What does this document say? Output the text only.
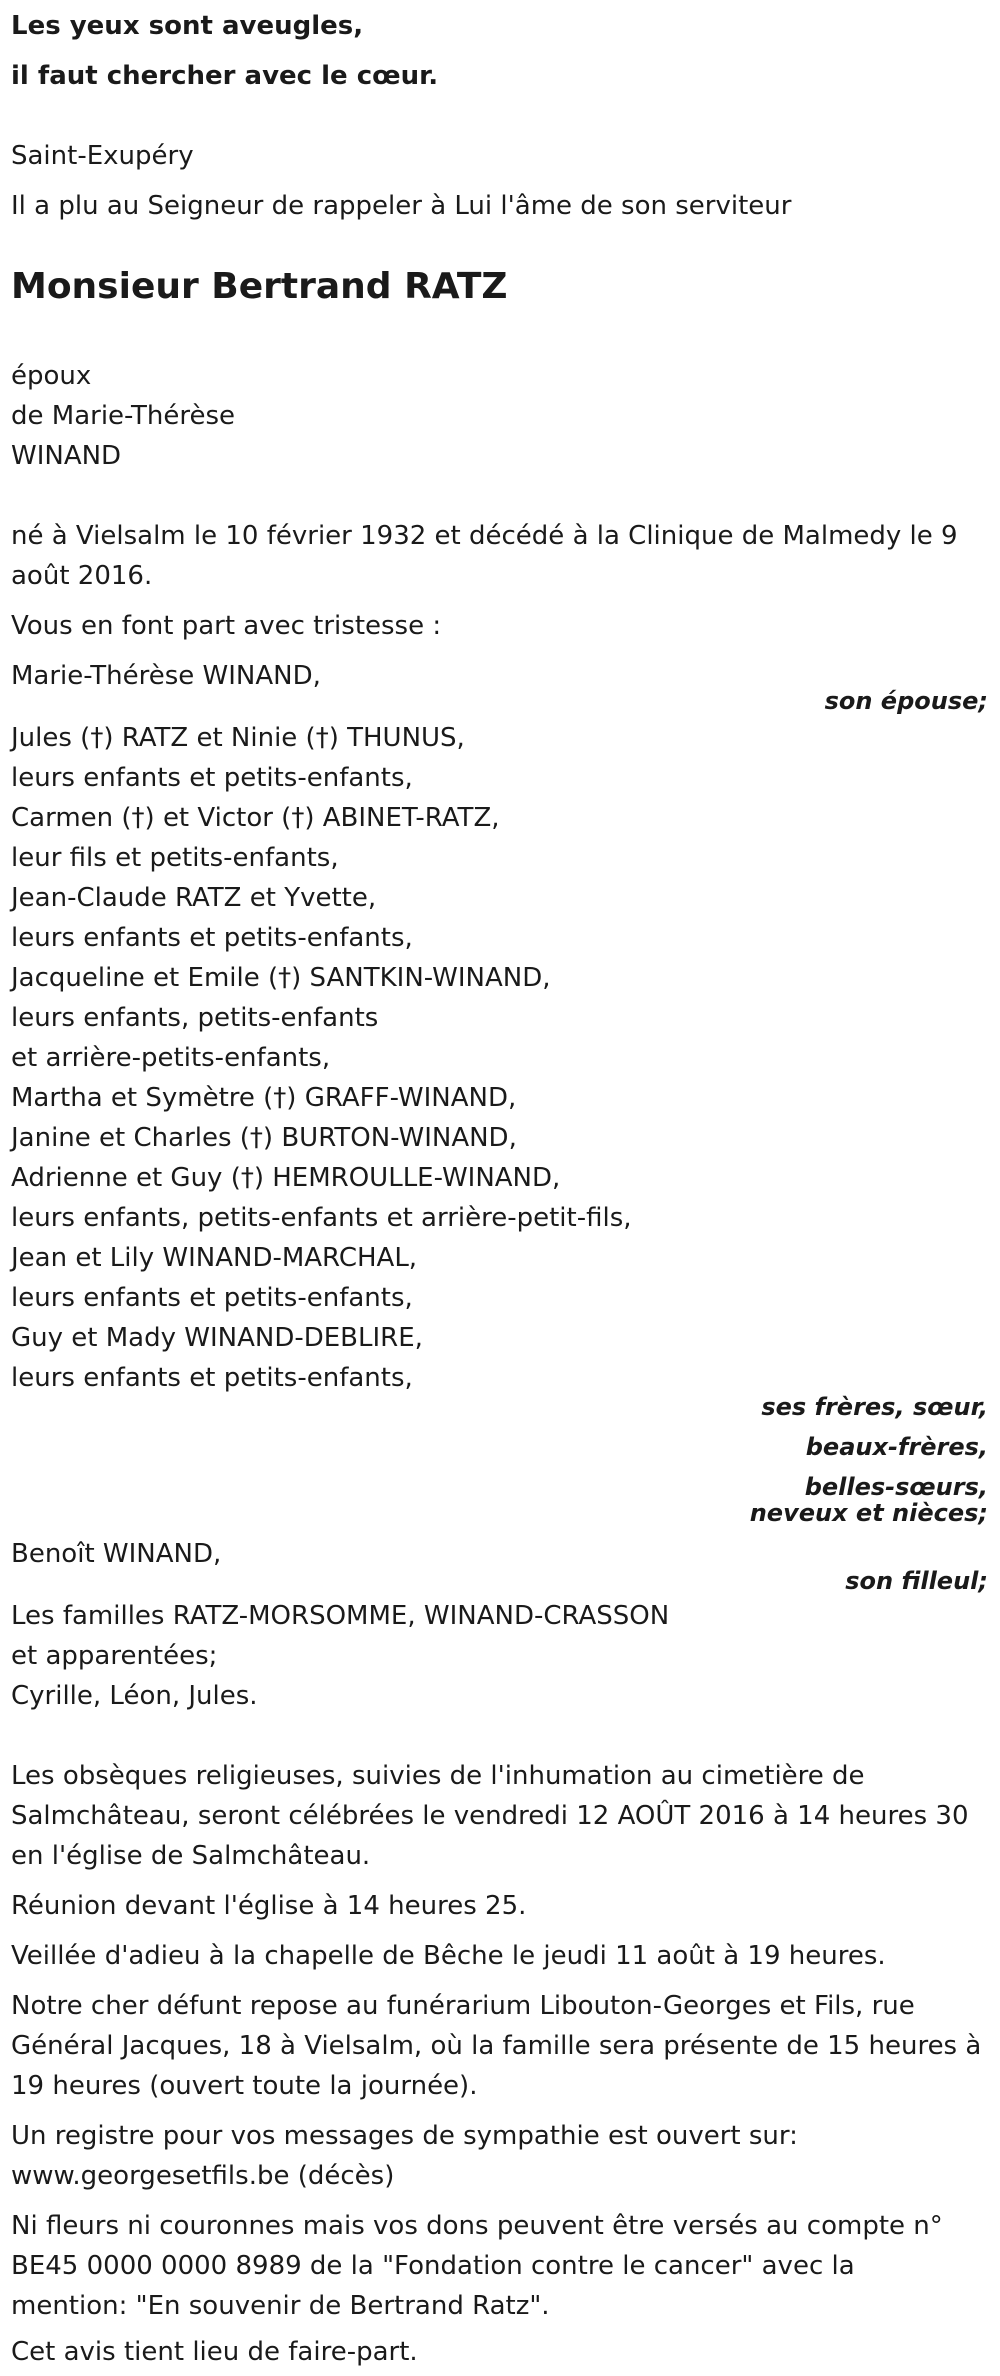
Les yeux sont aveugles,
il faut chercher avec le cœur.
Saint-Exupéry
Il a plu au Seigneur de rappeler à Lui l'âme de son serviteur
Monsieur Bertrand RATZ
époux
de Marie-Thérèse
WINAND
né à Vielsalm le 10 février 1932 et décédé à la Clinique de Malmedy le 9
août 2016.
Vous en font part avec tristesse :
Marie-Thérèse WINAND,
son épouse;
Jules (†) RATZ et Ninie (†) THUNUS,
leurs enfants et petits-enfants,
Carmen (†) et Victor (†) ABINET-RATZ,
leur fils et petits-enfants,
Jean-Claude RATZ et Yvette,
leurs enfants et petits-enfants,
Jacqueline et Emile (†) SANTKIN-WINAND,
leurs enfants, petits-enfants
et arrière-petits-enfants,
Martha et Symètre (†) GRAFF-WINAND,
Janine et Charles (†) BURTON-WINAND,
Adrienne et Guy (†) HEMROULLE-WINAND,
leurs enfants, petits-enfants et arrière-petit-fils,
Jean et Lily WINAND-MARCHAL,
leurs enfants et petits-enfants,
Guy et Mady WINAND-DEBLIRE,
leurs enfants et petits-enfants,
ses frères, sœur,
beaux-frères,
belles-sœurs,
neveux et nièces;
Benoît WINAND,
son filleul;
Les familles RATZ-MORSOMME, WINAND-CRASSON
et apparentées;
Cyrille, Léon, Jules.
Les obsèques religieuses, suivies de l'inhumation au cimetière de
Salmchâteau, seront célébrées le vendredi 12 AOÛT 2016 à 14 heures 30
en l'église de Salmchâteau.
Réunion devant l'église à 14 heures 25.
Veillée d'adieu à la chapelle de Bêche le jeudi 11 août à 19 heures.
Notre cher défunt repose au funérarium Libouton-Georges et Fils, rue
Général Jacques, 18 à Vielsalm, où la famille sera présente de 15 heures à
19 heures (ouvert toute la journée).
Un registre pour vos messages de sympathie est ouvert sur:
www.georgesetfils.be (décès)
Ni fleurs ni couronnes mais vos dons peuvent être versés au compte n°
BE45 0000 0000 8989 de la "Fondation contre le cancer" avec la
mention: "En souvenir de Bertrand Ratz".
Cet avis tient lieu de faire-part.
